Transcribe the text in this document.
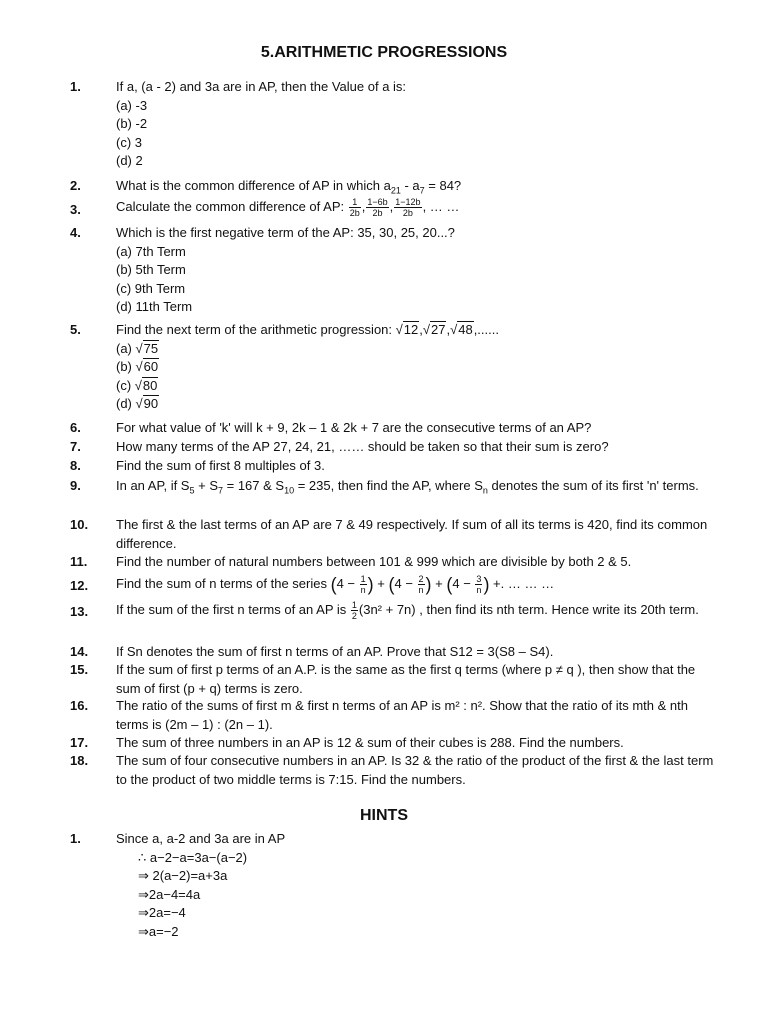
5.ARITHMETIC PROGRESSIONS
1.	If a, (a - 2) and 3a are in AP, then the Value of a is:
(a) -3
(b) -2
(c) 3
(d) 2
2.	What is the common difference of AP in which $a_{21} - a_7 = 84$?
3.	Calculate the common difference of AP: $\frac{1}{2b}$ , $\frac{1-6b}{2b}$ , $\frac{1-12b}{2b}$ , … …
4.	Which is the first negative term of the AP: 35, 30, 25, 20...?
(a) 7th Term
(b) 5th Term
(c) 9th Term
(d) 11th Term
5.	Find the next term of the arithmetic progression: √12,√27,√48,......
(a) √75
(b) √60
(c) √80
(d) √90
6.	For what value of 'k' will k + 9, 2k – 1 & 2k + 7 are the consecutive terms of an AP?
7.	How many terms of the AP 27, 24, 21, …… should be taken so that their sum is zero?
8.	Find the sum of first 8 multiples of 3.
9.	In an AP, if $S_5 + S_7 = 167$ & $S_{10} = 235$, then find the AP, where $S_n$ denotes the sum of its first 'n' terms.
10. The first & the last terms of an AP are 7 & 49 respectively. If sum of all its terms is 420, find its common difference.
11. Find the number of natural numbers between 101 & 999 which are divisible by both 2 & 5.
12. Find the sum of n terms of the series ($4 - \frac{1}{n}$ ) + ($4 - \frac{2}{n}$ ) + ($4 - \frac{3}{n}$ ) +. … … …
13. If the sum of the first n terms of an AP is $\frac{1}{2} (3n^2 + 7n)$ , then find its nth term. Hence write its 20th term.
14. If Sn denotes the sum of first n terms of an AP. Prove that S12 = 3(S8 – S4).
15. If the sum of first p terms of an A.P. is the same as the first q terms (where p ≠ q ), then show that the sum of first (p + q) terms is zero.
16. The ratio of the sums of first m & first n terms of an AP is m² : n². Show that the ratio of its mth & nth terms is (2m – 1) : (2n – 1).
17. The sum of three numbers in an AP is 12 & sum of their cubes is 288. Find the numbers.
18. The sum of four consecutive numbers in an AP. Is 32 & the ratio of the product of the first & the last term to the product of two middle terms is 7:15. Find the numbers.
HINTS
1.	Since a, a-2 and 3a are in AP
∴ a−2−a=3a−(a−2)
⇒ 2(a−2)=a+3a
⇒2a−4=4a
⇒2a=−4
⇒a=−2
